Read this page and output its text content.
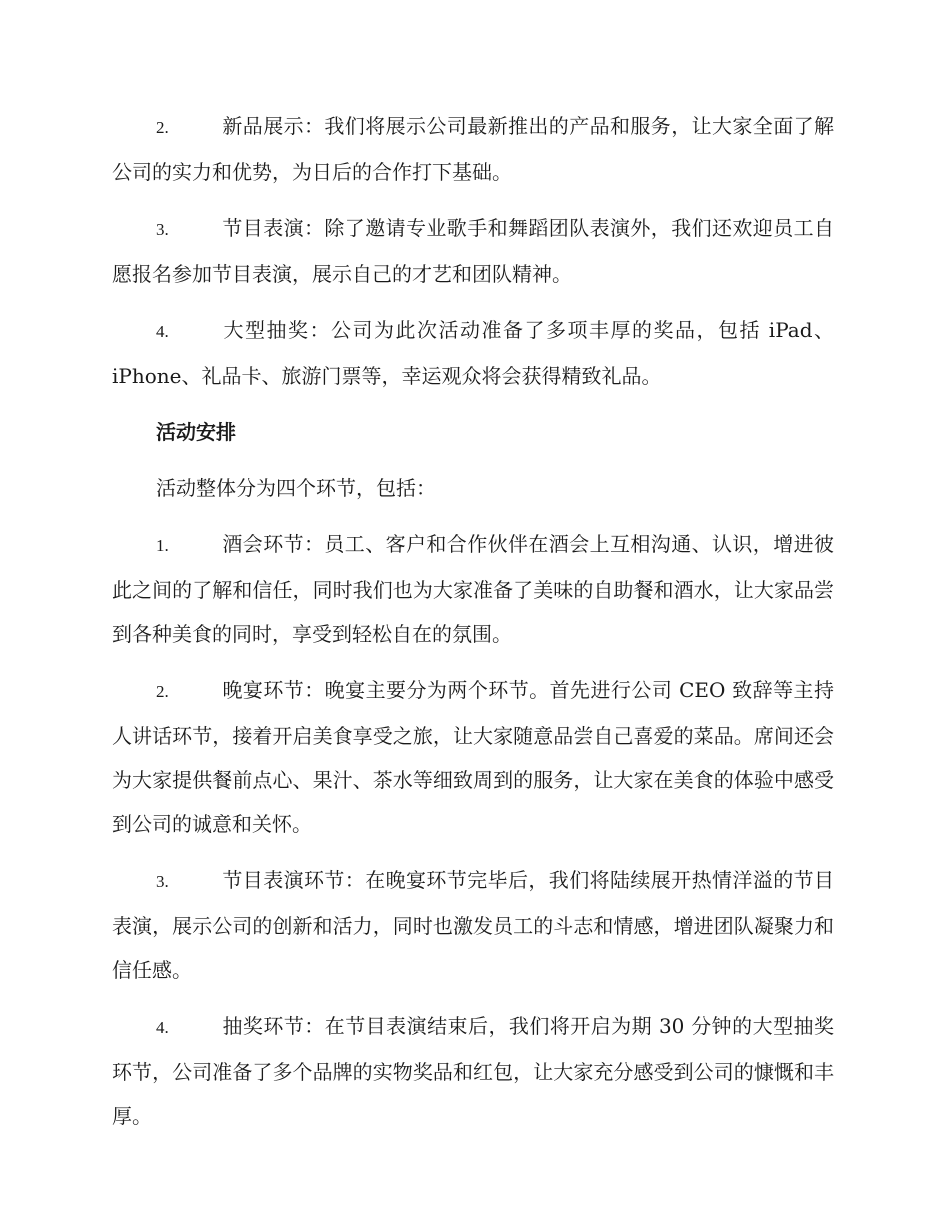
2.	新品展示：我们将展示公司最新推出的产品和服务，让大家全面了解公司的实力和优势，为日后的合作打下基础。

3.	节目表演：除了邀请专业歌手和舞蹈团队表演外，我们还欢迎员工自愿报名参加节目表演，展示自己的才艺和团队精神。

4.	大型抽奖：公司为此次活动准备了多项丰厚的奖品，包括 iPad、iPhone、礼品卡、旅游门票等，幸运观众将会获得精致礼品。

活动安排

活动整体分为四个环节，包括：

1.	酒会环节：员工、客户和合作伙伴在酒会上互相沟通、认识，增进彼此之间的了解和信任，同时我们也为大家准备了美味的自助餐和酒水，让大家品尝到各种美食的同时，享受到轻松自在的氛围。

2.	晚宴环节：晚宴主要分为两个环节。首先进行公司 CEO 致辞等主持人讲话环节，接着开启美食享受之旅，让大家随意品尝自己喜爱的菜品。席间还会为大家提供餐前点心、果汁、茶水等细致周到的服务，让大家在美食的体验中感受到公司的诚意和关怀。

3.	节目表演环节：在晚宴环节完毕后，我们将陆续展开热情洋溢的节目表演，展示公司的创新和活力，同时也激发员工的斗志和情感，增进团队凝聚力和信任感。

4.	抽奖环节：在节目表演结束后，我们将开启为期 30 分钟的大型抽奖环节，公司准备了多个品牌的实物奖品和红包，让大家充分感受到公司的慷慨和丰厚。
